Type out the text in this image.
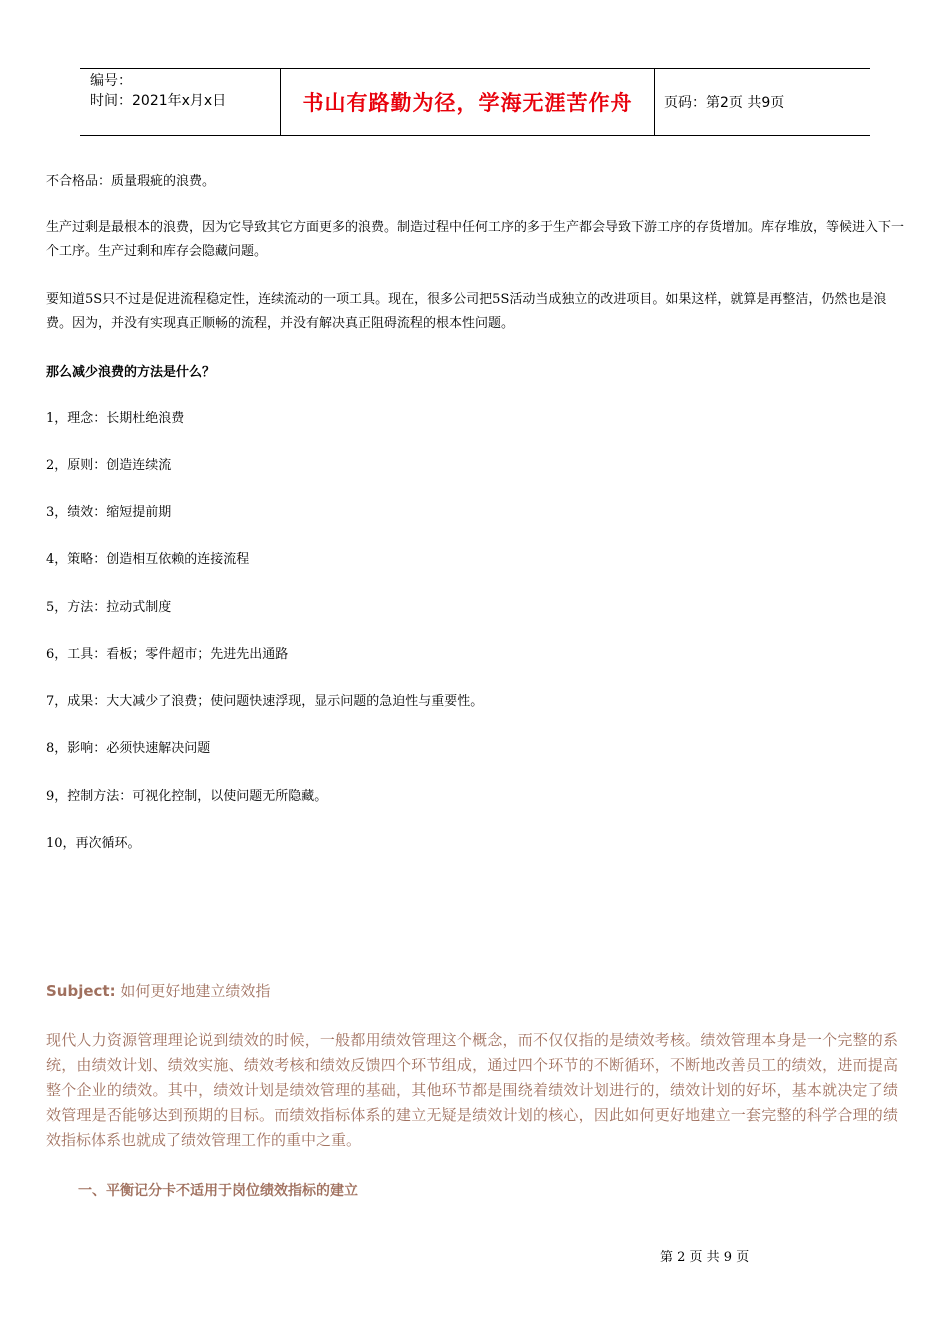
编号：
时间：2021年x月x日	书山有路勤为径，学海无涯苦作舟	页码：第2页 共9页

不合格品：质量瑕疵的浪费。

生产过剩是最根本的浪费，因为它导致其它方面更多的浪费。制造过程中任何工序的多于生产都会导致下游工序的存货增加。库存堆放，等候进入下一个工序。生产过剩和库存会隐藏问题。

要知道5S只不过是促进流程稳定性，连续流动的一项工具。现在，很多公司把5S活动当成独立的改进项目。如果这样，就算是再整洁，仍然也是浪费。因为，并没有实现真正顺畅的流程，并没有解决真正阻碍流程的根本性问题。

那么减少浪费的方法是什么？

1，理念：长期杜绝浪费

2，原则：创造连续流

3，绩效：缩短提前期

4，策略：创造相互依赖的连接流程

5，方法：拉动式制度

6，工具：看板；零件超市；先进先出通路

7，成果：大大减少了浪费；使问题快速浮现，显示问题的急迫性与重要性。

8，影响：必须快速解决问题

9，控制方法：可视化控制，以使问题无所隐藏。

10，再次循环。

Subject: 如何更好地建立绩效指

现代人力资源管理理论说到绩效的时候，一般都用绩效管理这个概念，而不仅仅指的是绩效考核。绩效管理本身是一个完整的系统，由绩效计划、绩效实施、绩效考核和绩效反馈四个环节组成，通过四个环节的不断循环，不断地改善员工的绩效，进而提高整个企业的绩效。其中，绩效计划是绩效管理的基础，其他环节都是围绕着绩效计划进行的，绩效计划的好坏，基本就决定了绩效管理是否能够达到预期的目标。而绩效指标体系的建立无疑是绩效计划的核心，因此如何更好地建立一套完整的科学合理的绩效指标体系也就成了绩效管理工作的重中之重。

一、平衡记分卡不适用于岗位绩效指标的建立
第 2 页 共 9 页
